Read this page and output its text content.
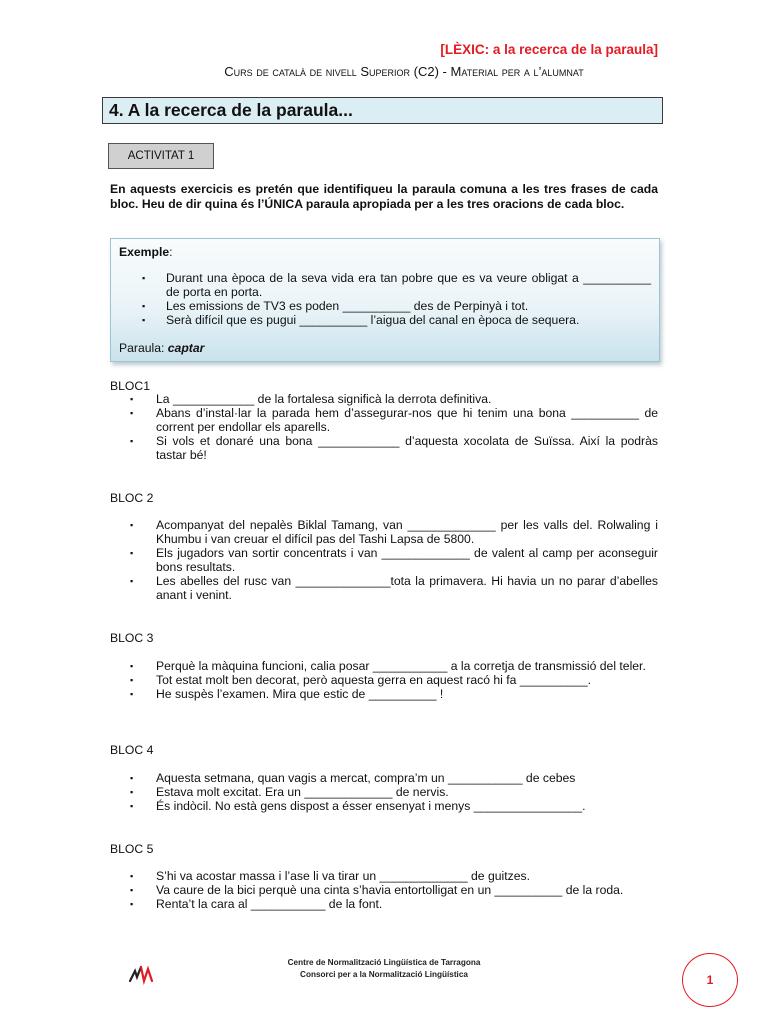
[LÈXIC: a la recerca de la paraula]
Curs de català de nivell Superior (C2) - Material per a l’alumnat
4. A la recerca de la paraula...
ACTIVITAT 1
En aquests exercicis es pretén que identifiqueu la paraula comuna a les tres frases de cada bloc. Heu de dir quina és l’ÚNICA paraula apropiada per a les tres oracions de cada bloc.
Exemple:
▪ Durant una època de la seva vida era tan pobre que es va veure obligat a __________ de porta en porta.
▪ Les emissions de TV3 es poden __________ des de Perpinyà i tot.
▪ Serà difícil que es pugui __________ l’aigua del canal en època de sequera.
Paraula: captar
BLOC1
▪ La ____________ de la fortalesa significà la derrota definitiva.
▪ Abans d’instal·lar la parada hem d’assegurar-nos que hi tenim una bona __________ de corrent per endollar els aparells.
▪ Si vols et donaré una bona ____________ d’aquesta xocolata de Suïssa. Així la podràs tastar bé!
BLOC 2
▪ Acompanyat del nepalès Biklal Tamang, van _____________ per les valls del. Rolwaling i Khumbu i van creuar el difícil pas del Tashi Lapsa de 5800.
▪ Els jugadors van sortir concentrats i van _____________ de valent al camp per aconseguir bons resultats.
▪ Les abelles del rusc van ______________tota la primavera. Hi havia un no parar d’abelles anant i venint.
BLOC 3
▪ Perquè la màquina funcioni, calia posar ___________ a la corretja de transmissió del teler.
▪ Tot estat molt ben decorat, però aquesta gerra en aquest racó hi fa __________.
▪ He suspès l’examen. Mira que estic de __________ !
BLOC 4
▪ Aquesta setmana, quan vagis a mercat, compra’m un ___________ de cebes
▪ Estava molt excitat. Era un _____________ de nervis.
▪ És indòcil. No està gens dispost a ésser ensenyat i menys ________________.
BLOC 5
▪ S’hi va acostar massa i l’ase li va tirar un _____________ de guitzes.
▪ Va caure de la bici perquè una cinta s’havia entortolligat en un __________ de la roda.
▪ Renta’t la cara al ___________ de la font.
Centre de Normalització Lingüística de Tarragona
Consorci per a la Normalització Lingüística	1
